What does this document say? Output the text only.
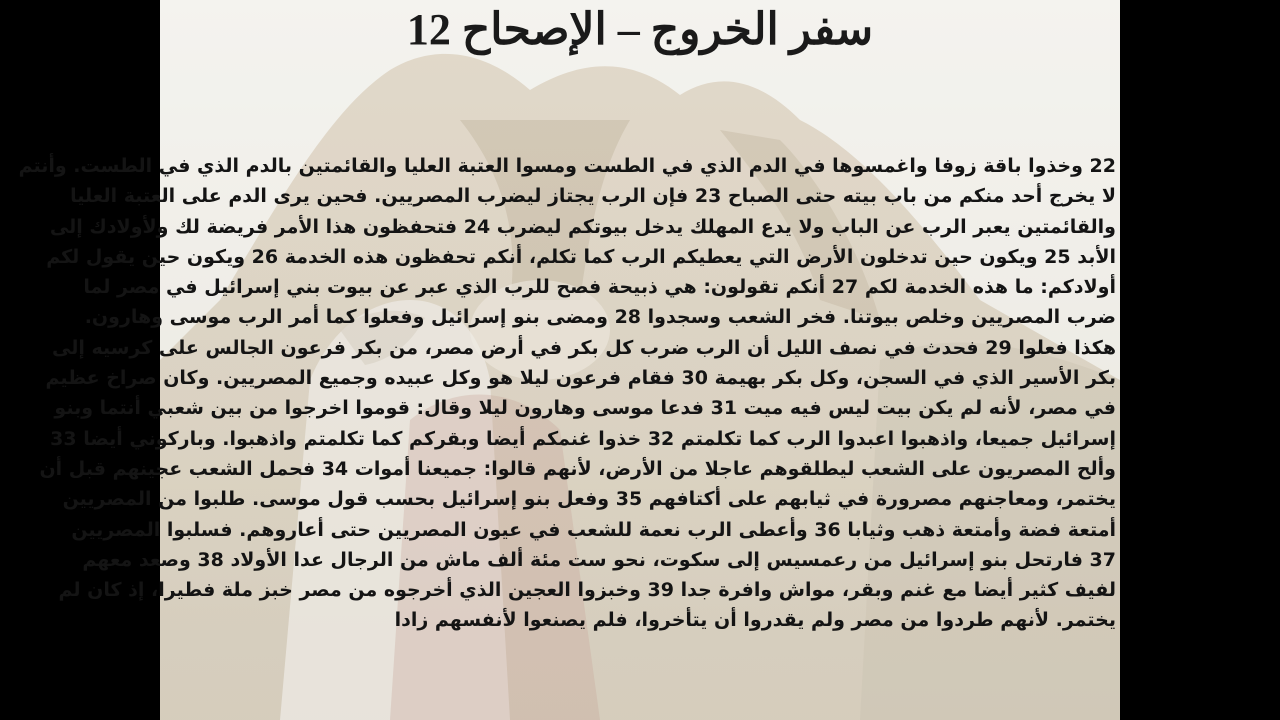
سفر الخروج – الإصحاح 12
22 وخذوا باقة زوفا واغمسوها في الدم الذي في الطست ومسوا العتبة العليا والقائمتين بالدم الذي في الطست. وأنتم
لا يخرج أحد منكم من باب بيته حتى الصباح 23 فإن الرب يجتاز ليضرب المصريين. فحين يرى الدم على العتبة العليا
والقائمتين يعبر الرب عن الباب ولا يدع المهلك يدخل بيوتكم ليضرب 24 فتحفظون هذا الأمر فريضة لك ولأولادك إلى
الأبد 25 ويكون حين تدخلون الأرض التي يعطيكم الرب كما تكلم، أنكم تحفظون هذه الخدمة 26 ويكون حين يقول لكم
أولادكم: ما هذه الخدمة لكم 27 أنكم تقولون: هي ذبيحة فصح للرب الذي عبر عن بيوت بني إسرائيل في مصر لما
ضرب المصريين وخلص بيوتنا. فخر الشعب وسجدوا 28 ومضى بنو إسرائيل وفعلوا كما أمر الرب موسى وهارون.
هكذا فعلوا 29 فحدث في نصف الليل أن الرب ضرب كل بكر في أرض مصر، من بكر فرعون الجالس على كرسيه إلى
بكر الأسير الذي في السجن، وكل بكر بهيمة 30 فقام فرعون ليلا هو وكل عبيده وجميع المصريين. وكان صراخ عظيم
في مصر، لأنه لم يكن بيت ليس فيه ميت 31 فدعا موسى وهارون ليلا وقال: قوموا اخرجوا من بين شعبي أنتما وبنو
إسرائيل جميعا، واذهبوا اعبدوا الرب كما تكلمتم 32 خذوا غنمكم أيضا وبقركم كما تكلمتم واذهبوا. وباركوني أيضا 33
وألح المصريون على الشعب ليطلقوهم عاجلا من الأرض، لأنهم قالوا: جميعنا أموات 34 فحمل الشعب عجينهم قبل أن
يختمر، ومعاجنهم مصرورة في ثيابهم على أكتافهم 35 وفعل بنو إسرائيل بحسب قول موسى. طلبوا من المصريين
أمتعة فضة وأمتعة ذهب وثيابا 36 وأعطى الرب نعمة للشعب في عيون المصريين حتى أعاروهم. فسلبوا المصريين
37 فارتحل بنو إسرائيل من رعمسيس إلى سكوت، نحو ست مئة ألف ماش من الرجال عدا الأولاد 38 وصعد معهم
لفيف كثير أيضا مع غنم وبقر، مواش وافرة جدا 39 وخبزوا العجين الذي أخرجوه من مصر خبز ملة فطيرا، إذ كان لم
يختمر. لأنهم طردوا من مصر ولم يقدروا أن يتأخروا، فلم يصنعوا لأنفسهم زادا
